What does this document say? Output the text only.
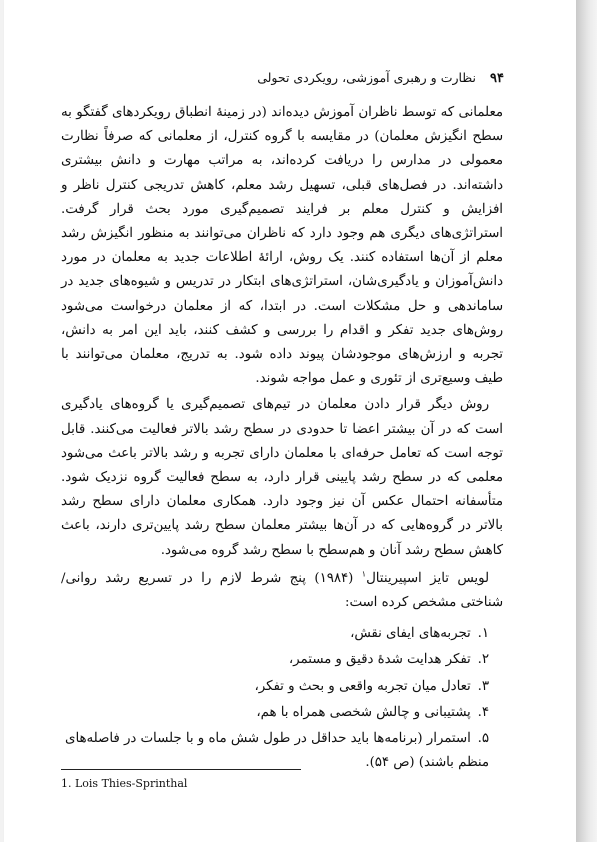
۹۴ نظارت و رهبری آموزشی، رویکردی تحولی

معلمانی که توسط ناظران آموزش دیده‌اند (در زمینهٔ انطباق رویکردهای گفتگو به سطح انگیزش معلمان) در مقایسه با گروه کنترل، از معلمانی که صرفاً نظارت معمولی در مدارس را دریافت کرده‌اند، به مراتب مهارت و دانش بیشتری داشته‌اند. در فصل‌های قبلی، تسهیل رشد معلم، کاهش تدریجی کنترل ناظر و افزایش و کنترل معلم بر فرایند تصمیم‌گیری مورد بحث قرار گرفت. استراتژی‌های دیگری هم وجود دارد که ناظران می‌توانند به منظور انگیزش رشد معلم از آن‌ها استفاده کنند. یک روش، ارائهٔ اطلاعات جدید به معلمان در مورد دانش‌آموزان و یادگیری‌شان، استراتژی‌های ابتکار در تدریس و شیوه‌های جدید در ساماندهی و حل مشکلات است. در ابتدا، که از معلمان درخواست می‌شود روش‌های جدید تفکر و اقدام را بررسی و کشف کنند، باید این امر به دانش، تجربه و ارزش‌های موجودشان پیوند داده شود. به تدریج، معلمان می‌توانند با طیف وسیع‌تری از تئوری و عمل مواجه شوند.

روش دیگر قرار دادن معلمان در تیم‌های تصمیم‌گیری یا گروه‌های یادگیری است که در آن بیشتر اعضا تا حدودی در سطح رشد بالاتر فعالیت می‌کنند. قابل توجه است که تعامل حرفه‌ای با معلمان دارای تجربه و رشد بالاتر باعث می‌شود معلمی که در سطح رشد پایینی قرار دارد، به سطح فعالیت گروه نزدیک شود. متأسفانه احتمال عکس آن نیز وجود دارد. همکاری معلمان دارای سطح رشد بالاتر در گروه‌هایی که در آن‌ها بیشتر معلمان سطح رشد پایین‌تری دارند، باعث کاهش سطح رشد آنان و هم‌سطح با سطح رشد گروه می‌شود.

لویس تایز اسپیرینتال$^۱$ (۱۹۸۴) پنج شرط لازم را در تسریع رشد روانی/ شناختی مشخص کرده است:

۱. تجربه‌های ایفای نقش،
۲. تفکر هدایت شدهٔ دقیق و مستمر،
۳. تعادل میان تجربه واقعی و بحث و تفکر،
۴. پشتیبانی و چالش شخصی همراه با هم،
۵. استمرار (برنامه‌ها باید حداقل در طول شش ماه و با جلسات در فاصله‌های منظم باشند) (ص ۵۴).
1. Lois Thies-Sprinthal
